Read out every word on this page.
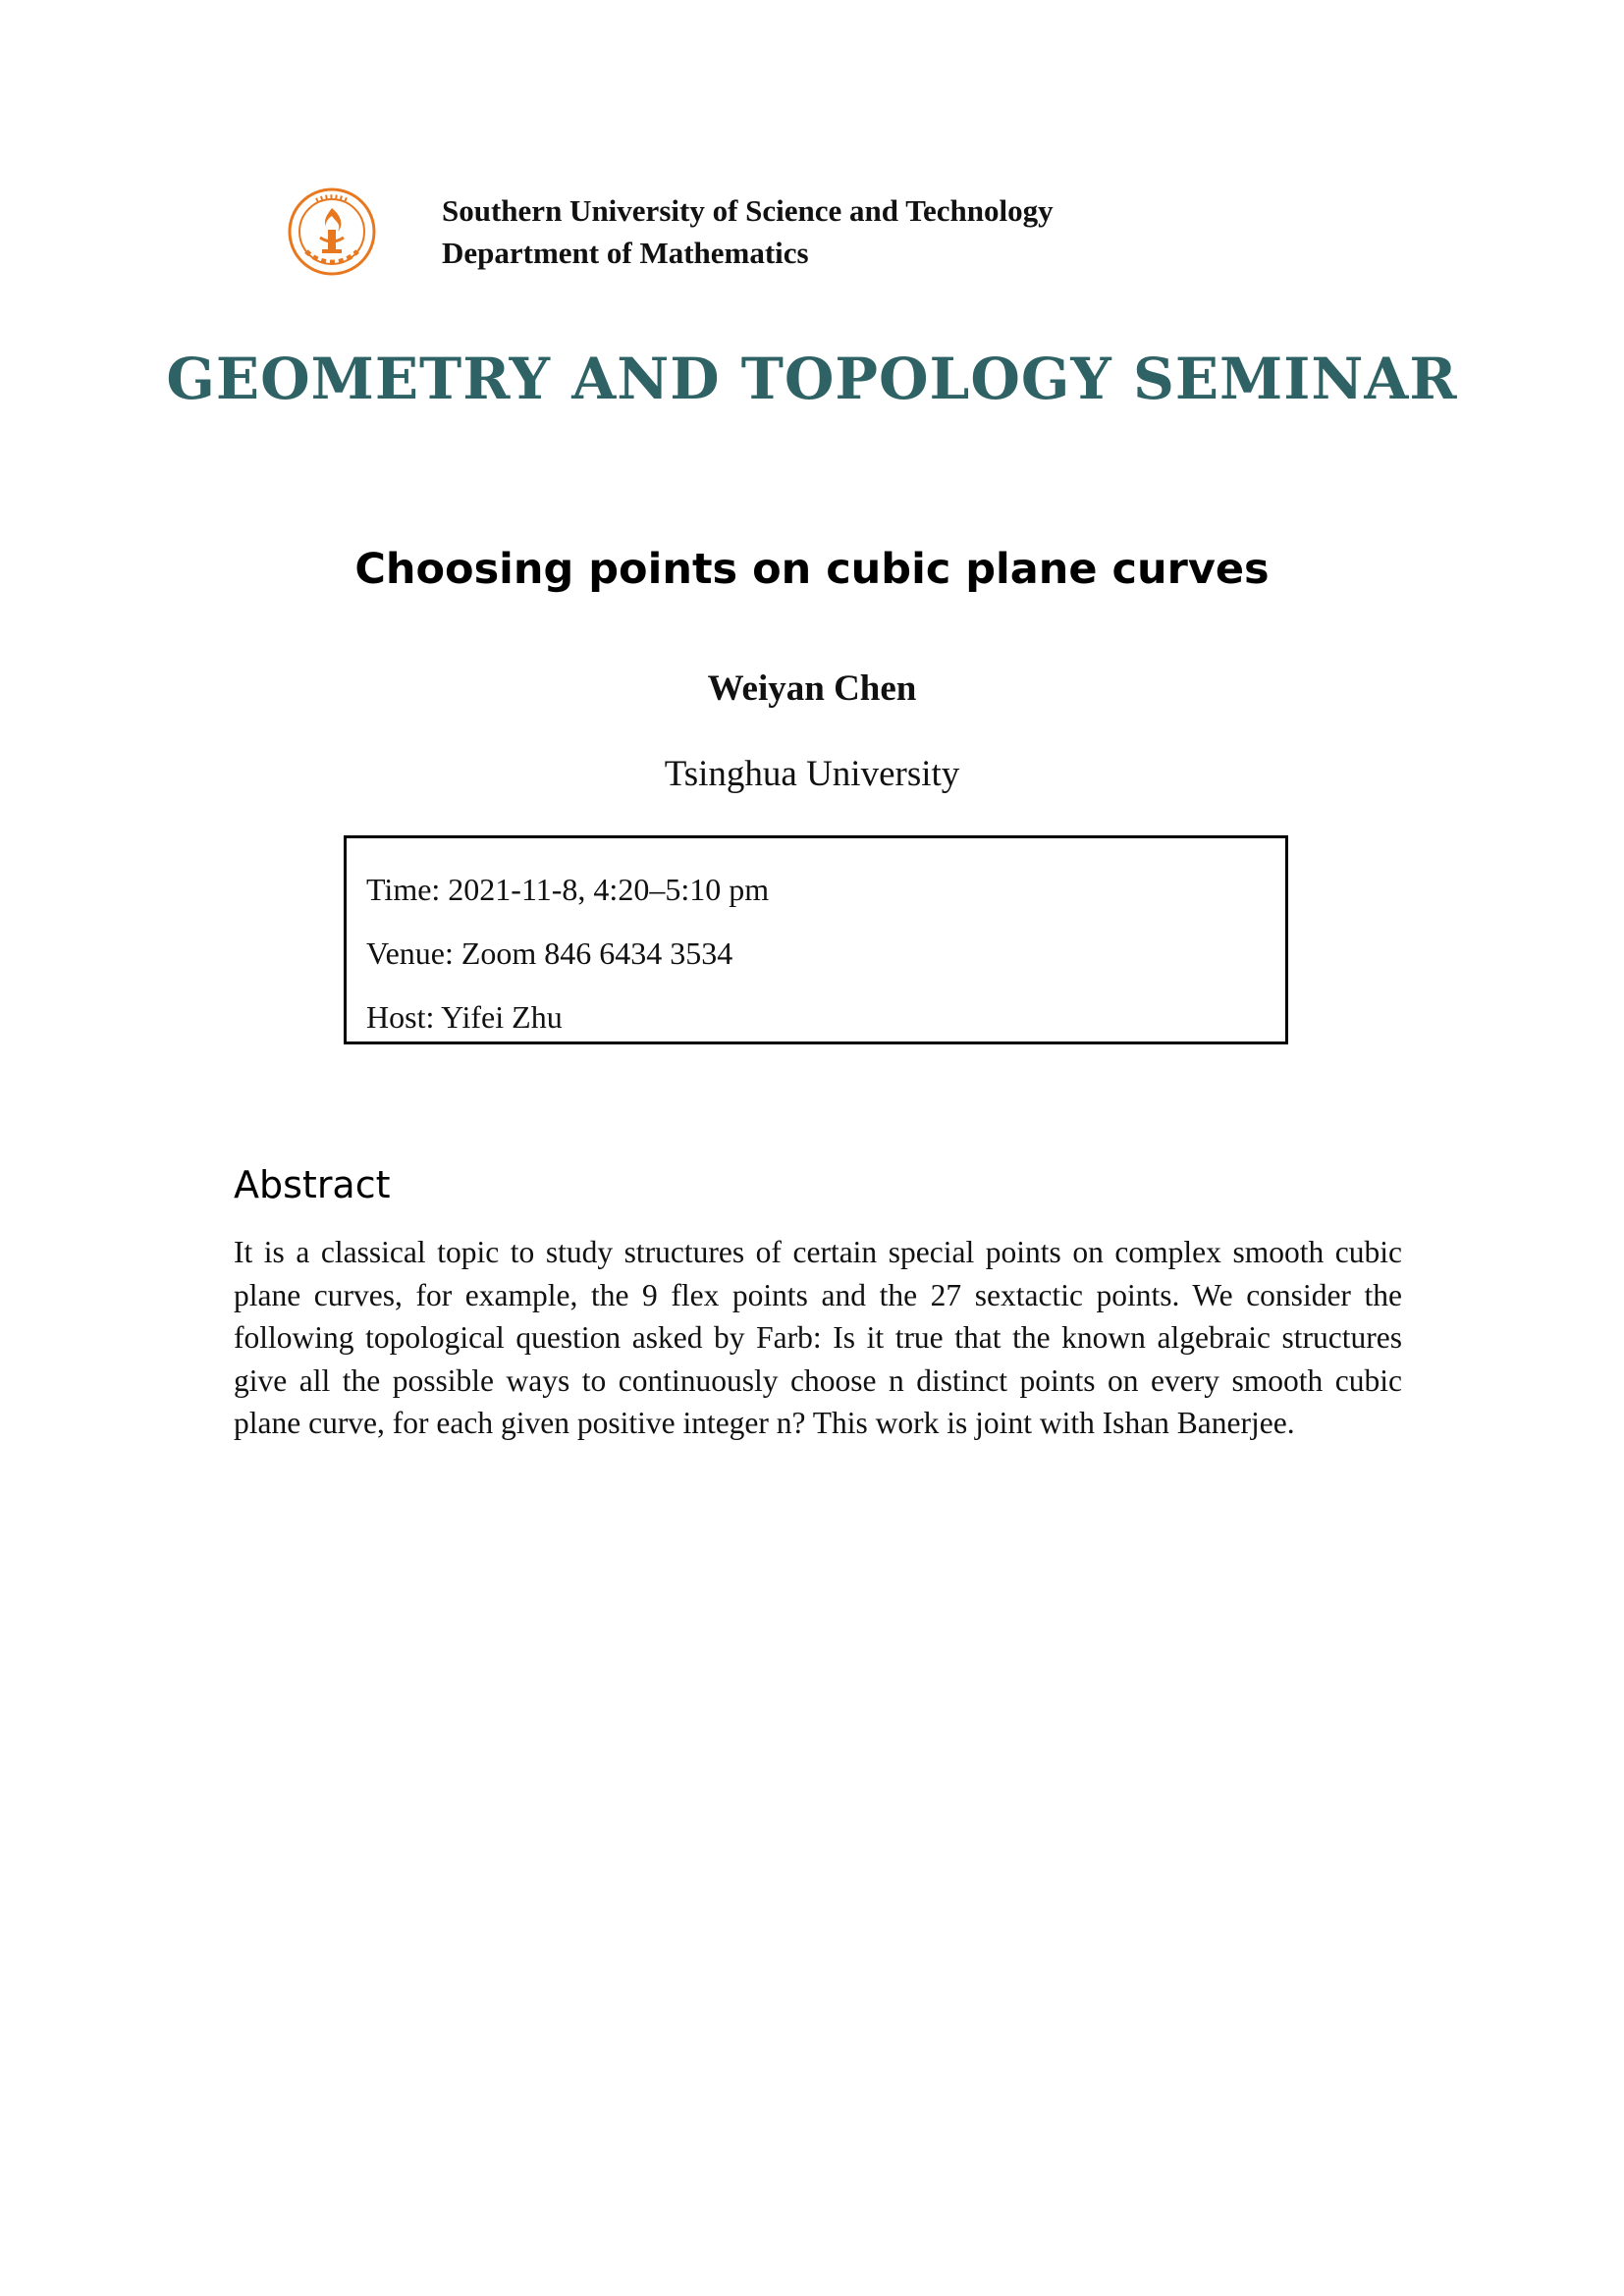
Southern University of Science and Technology
Department of Mathematics
GEOMETRY AND TOPOLOGY SEMINAR
Choosing points on cubic plane curves
Weiyan Chen
Tsinghua University
Time: 2021-11-8, 4:20–5:10 pm
Venue: Zoom 846 6434 3534
Host: Yifei Zhu
Abstract
It is a classical topic to study structures of certain special points on complex smooth cubic plane curves, for example, the 9 flex points and the 27 sextactic points. We consider the following topological question asked by Farb: Is it true that the known algebraic structures give all the possible ways to continuously choose n distinct points on every smooth cubic plane curve, for each given positive integer n? This work is joint with Ishan Banerjee.
